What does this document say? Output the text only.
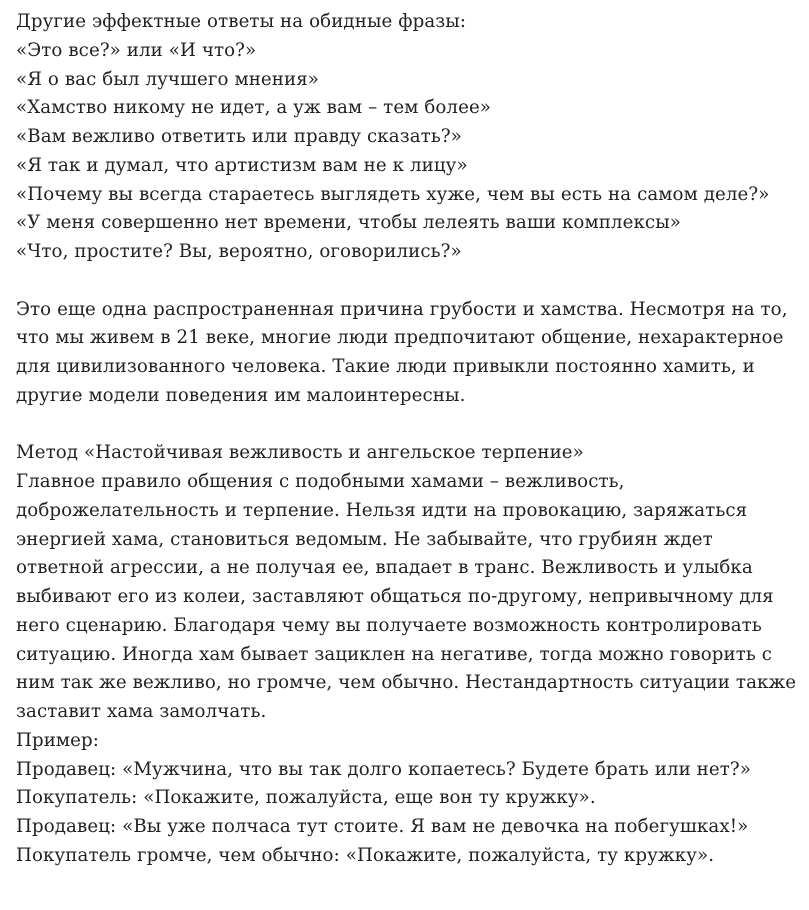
Другие эффектные ответы на обидные фразы:

«Это все?» или «И что?»

«Я о вас был лучшего мнения»

«Хамство никому не идет, а уж вам – тем более»

«Вам вежливо ответить или правду сказать?»

«Я так и думал, что артистизм вам не к лицу»

«Почему вы всегда стараетесь выглядеть хуже, чем вы есть на самом деле?»

«У меня совершенно нет времени, чтобы лелеять ваши комплексы»

«Что, простите? Вы, вероятно, оговорились?»

Это еще одна распространенная причина грубости и хамства. Несмотря на то,

что мы живем в 21 веке, многие люди предпочитают общение, нехарактерное

для цивилизованного человека. Такие люди привыкли постоянно хамить, и

другие модели поведения им малоинтересны.

Метод «Настойчивая вежливость и ангельское терпение»

Главное правило общения с подобными хамами – вежливость,

доброжелательность и терпение. Нельзя идти на провокацию, заряжаться

энергией хама, становиться ведомым. Не забывайте, что грубиян ждет

ответной агрессии, а не получая ее, впадает в транс. Вежливость и улыбка

выбивают его из колеи, заставляют общаться по-другому, непривычному для

него сценарию. Благодаря чему вы получаете возможность контролировать

ситуацию. Иногда хам бывает зациклен на негативе, тогда можно говорить с

ним так же вежливо, но громче, чем обычно. Нестандартность ситуации также

заставит хама замолчать.

Пример:

Продавец: «Мужчина, что вы так долго копаетесь? Будете брать или нет?»

Покупатель: «Покажите, пожалуйста, еще вон ту кружку».

Продавец: «Вы уже полчаса тут стоите. Я вам не девочка на побегушках!»

Покупатель громче, чем обычно: «Покажите, пожалуйста, ту кружку».
